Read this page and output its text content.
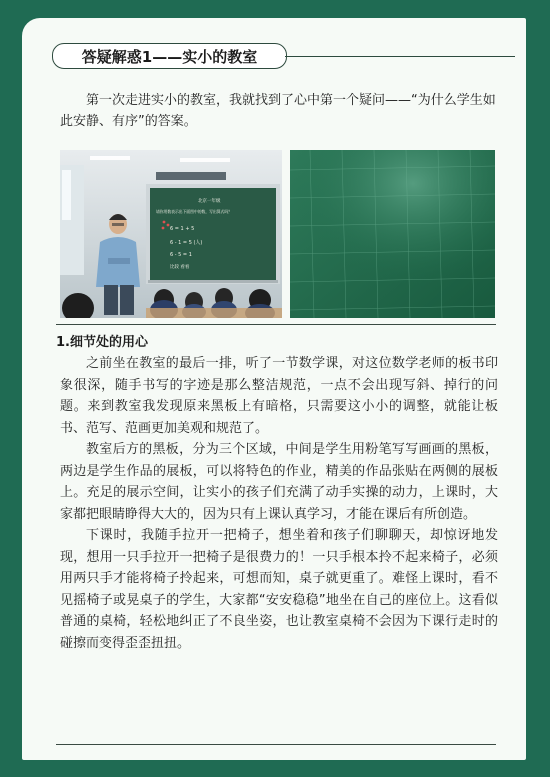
答疑解惑1——实小的教室

第一次走进实小的教室，我就找到了心中第一个疑问——“为什么学生如此安静、有序”的答案。

北京一年级
请你用数表示出下面图中的数，写出算式吗？
6 = 1 + 5
6 - 1 = 5 (人)
6 - 5 = 1
比较 看看
1.细节处的用心

之前坐在教室的最后一排，听了一节数学课，对这位数学老师的板书印象很深，随手书写的字迹是那么整洁规范，一点不会出现写斜、掉行的问题。来到教室我发现原来黑板上有暗格，只需要这小小的调整，就能让板书、范写、范画更加美观和规范了。

教室后方的黑板，分为三个区域，中间是学生用粉笔写写画画的黑板，两边是学生作品的展板，可以将特色的作业，精美的作品张贴在两侧的展板上。充足的展示空间，让实小的孩子们充满了动手实操的动力，上课时，大家都把眼睛睁得大大的，因为只有上课认真学习，才能在课后有所创造。

下课时，我随手拉开一把椅子，想坐着和孩子们聊聊天，却惊讶地发现，想用一只手拉开一把椅子是很费力的！一只手根本拎不起来椅子，必须用两只手才能将椅子拎起来，可想而知，桌子就更重了。难怪上课时，看不见摇椅子或晃桌子的学生，大家都“安安稳稳”地坐在自己的座位上。这看似普通的桌椅，轻松地纠正了不良坐姿，也让教室桌椅不会因为下课行走时的碰擦而变得歪歪扭扭。
